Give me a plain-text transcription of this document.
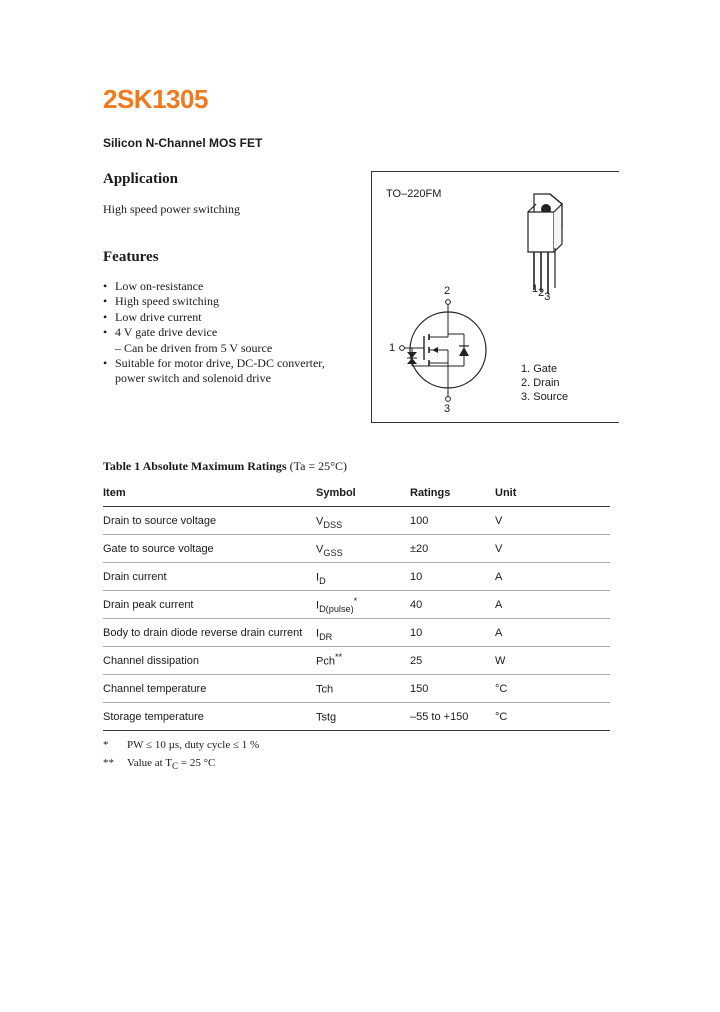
2SK1305

Silicon N-Channel MOS FET

Application

High speed power switching

Features
• Low on-resistance
• High speed switching
• Low drive current
• 4 V gate drive device
– Can be driven from 5 V source
• Suitable for motor drive, DC-DC converter,
power switch and solenoid drive
TO–220FM
123
2
1
3
1. Gate
2. Drain
3. Source

Table 1 Absolute Maximum Ratings (Ta = 25°C)

Item	Symbol	Ratings	Unit
Drain to source voltage	$V_{DSS}$	100	V
Gate to source voltage	$V_{GSS}$	±20	V
Drain current	$I_D$	10	A
Drain peak current	$I_{D(pulse)}^*$	40	A
Body to drain diode reverse drain current	$I_{DR}$	10	A
Channel dissipation	Pch**	25	W
Channel temperature	Tch	150	°C
Storage temperature	Tstg	–55 to +150	°C
* PW ≤ 10 µs, duty cycle ≤ 1 %
** Value at $T_C = 25$ °C
